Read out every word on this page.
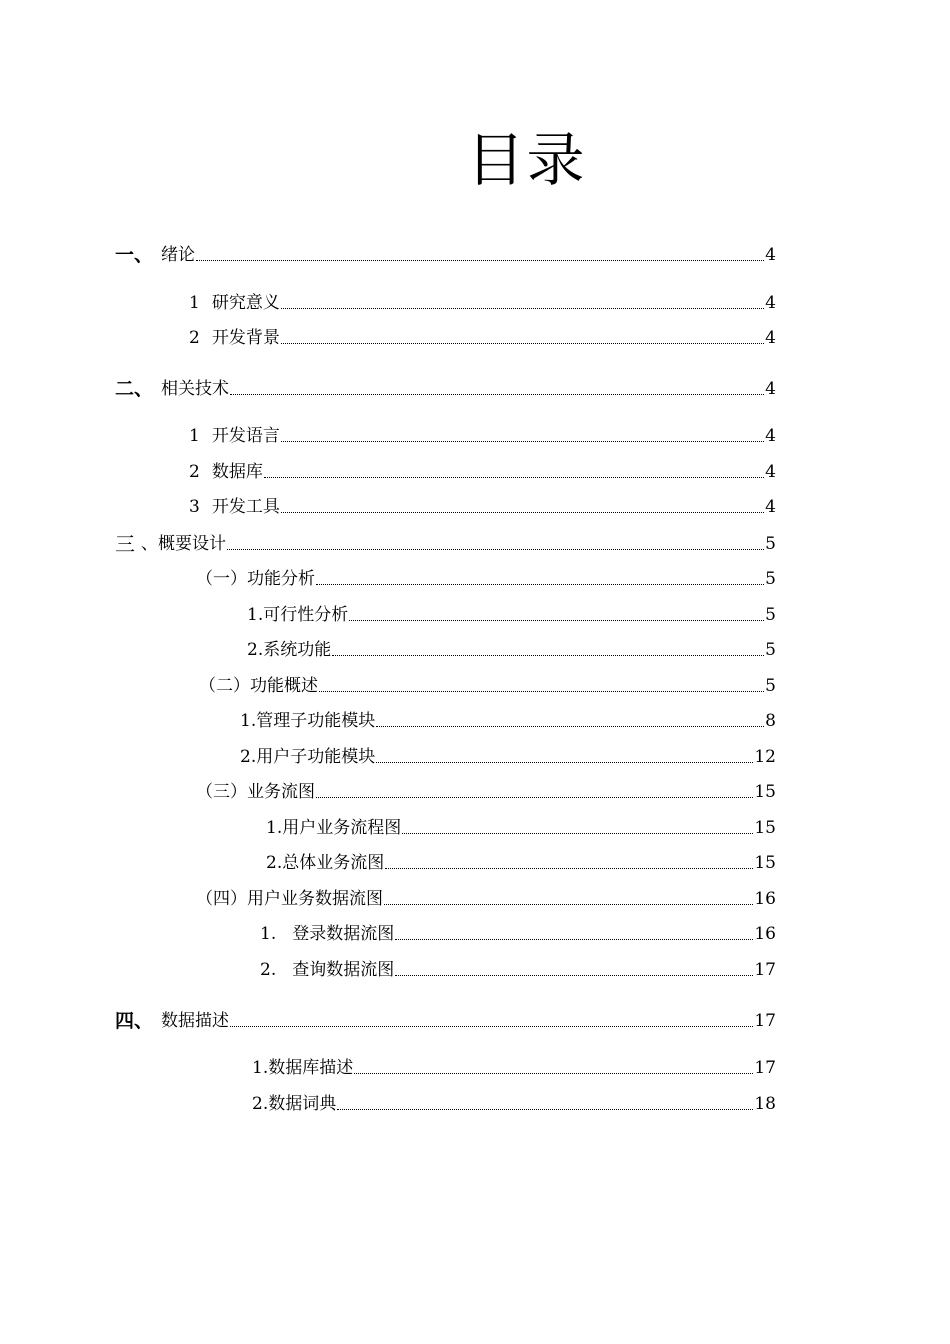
目录
一、 绪论	4
1 研究意义	4
2 开发背景	4
二、 相关技术	4
1 开发语言	4
2 数据库	4
3 开发工具	4
三 、概要设计	5
（一）功能分析	5
1.可行性分析	5
2.系统功能	5
（二）功能概述	5
1.管理子功能模块	8
2.用户子功能模块	12
（三）业务流图	15
1.用户业务流程图	15
2.总体业务流图	15
（四）用户业务数据流图	16
1. 登录数据流图	16
2. 查询数据流图	17
四、 数据描述	17
1.数据库描述	17
2.数据词典	18
